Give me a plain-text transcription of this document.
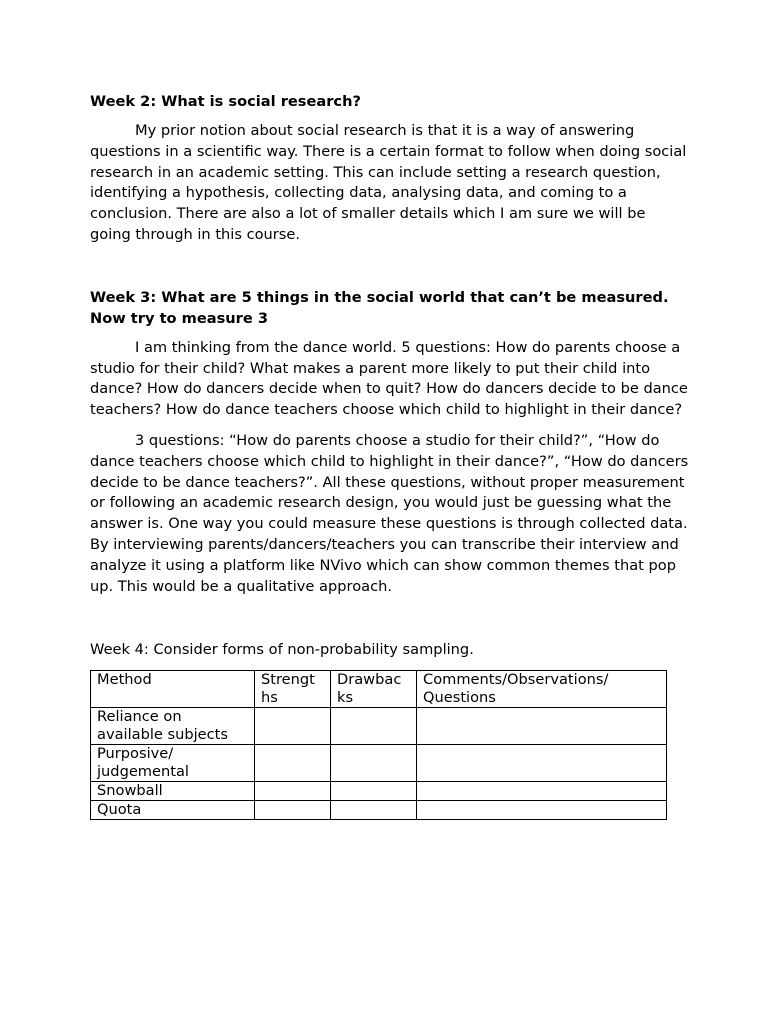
Week 2: What is social research?

My prior notion about social research is that it is a way of answering questions in a scientific way. There is a certain format to follow when doing social research in an academic setting. This can include setting a research question, identifying a hypothesis, collecting data, analysing data, and coming to a conclusion. There are also a lot of smaller details which I am sure we will be going through in this course.

Week 3: What are 5 things in the social world that can’t be measured. Now try to measure 3

I am thinking from the dance world. 5 questions: How do parents choose a studio for their child? What makes a parent more likely to put their child into dance? How do dancers decide when to quit? How do dancers decide to be dance teachers? How do dance teachers choose which child to highlight in their dance?

3 questions: “How do parents choose a studio for their child?”, “How do dance teachers choose which child to highlight in their dance?”, “How do dancers decide to be dance teachers?”. All these questions, without proper measurement or following an academic research design, you would just be guessing what the answer is. One way you could measure these questions is through collected data. By interviewing parents/dancers/teachers you can transcribe their interview and analyze it using a platform like NVivo which can show common themes that pop up. This would be a qualitative approach.

Week 4: Consider forms of non-probability sampling.
Method	Strengt hs	Drawbac ks	Comments/Observations/ Questions
Reliance on available subjects			
Purposive/ judgemental			
Snowball			
Quota			
